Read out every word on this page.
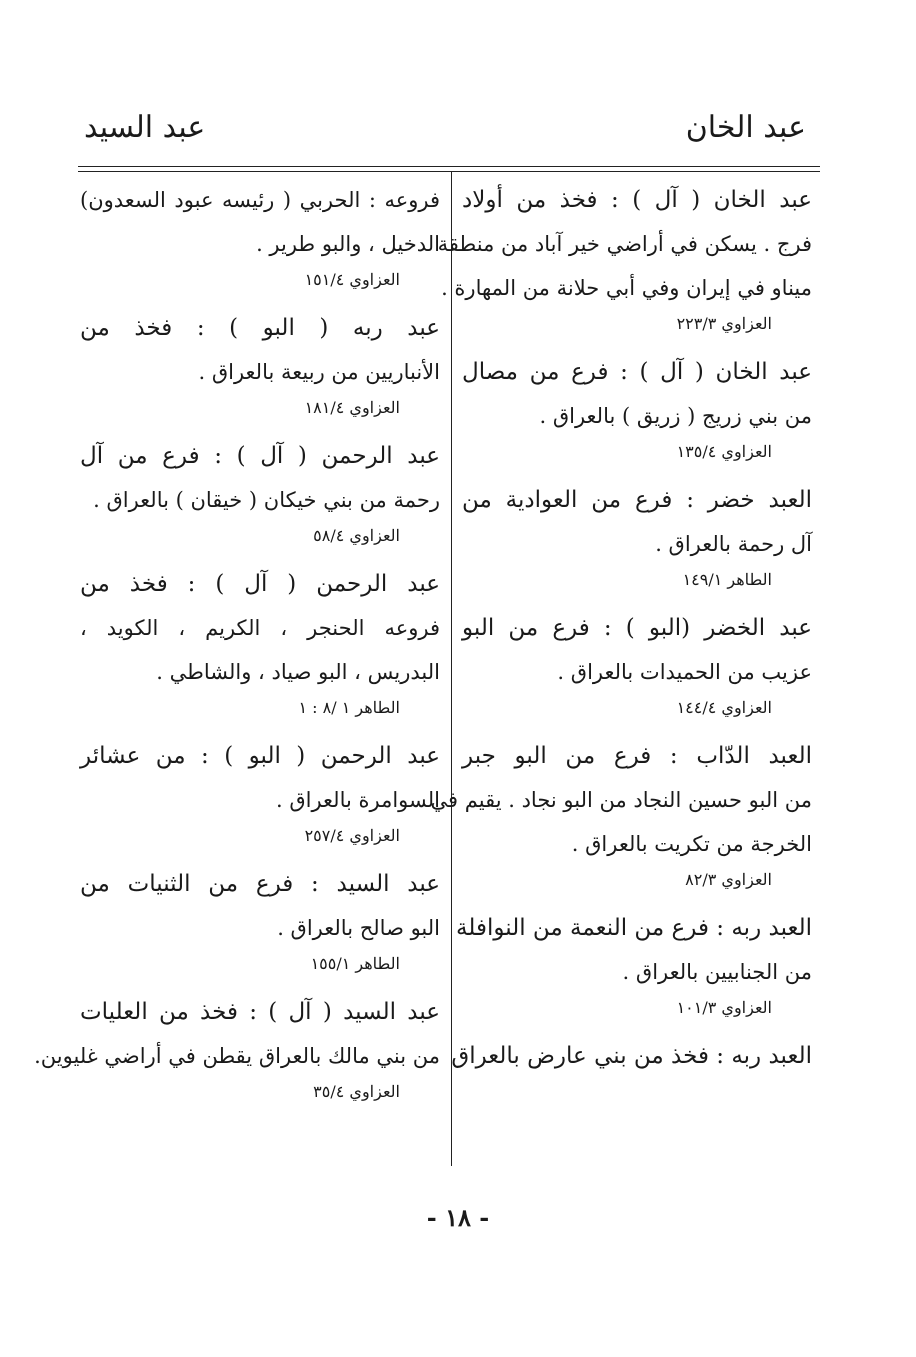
عبد الخان
عبد السيد
عبد الخان ( آل ) : فخذ من أولاد
فرج . يسكن في أراضي خير آباد من منطقة
ميناو في إيران وفي أبي حلانة من المهارة .
العزاوي ٢٢٣/٣
عبد الخان ( آل ) : فرع من مصال
من بني زريج ( زريق ) بالعراق .
العزاوي ١٣٥/٤
العبد خضر : فرع من العوادية من
آل رحمة بالعراق .
الطاهر ١٤٩/١
عبد الخضر (البو ) : فرع من البو
عزيب من الحميدات بالعراق .
العزاوي ١٤٤/٤
العبد الدّاب : فرع من البو جبر
من البو حسين النجاد من البو نجاد . يقيم في
الخرجة من تكريت بالعراق .
العزاوي ٨٢/٣
العبد ربه : فرع من النعمة من النوافلة
من الجنابيين بالعراق .
العزاوي ١٠١/٣
العبد ربه : فخذ من بني عارض بالعراق
فروعه : الحربي ( رئيسه عبود السعدون)
الدخيل ، والبو طرير .
العزاوي ١٥١/٤
عبد ربه ( البو ) : فخذ من
الأنباريين من ربيعة بالعراق .
العزاوي ١٨١/٤
عبد الرحمن ( آل ) : فرع من آل
رحمة من بني خيكان ( خيقان ) بالعراق .
العزاوي ٥٨/٤
عبد الرحمن ( آل ) : فخذ من
فروعه الحنجر ، الكريم ، الكويد ،
البدريس ، البو صياد ، والشاطي .
الطاهر ١ /٨ : ١
عبد الرحمن ( البو ) : من عشائر
السوامرة بالعراق .
العزاوي ٢٥٧/٤
عبد السيد : فرع من الثنيات من
البو صالح بالعراق .
الطاهر ١٥٥/١
عبد السيد ( آل ) : فخذ من العليات
من بني مالك بالعراق يقطن في أراضي غليوين.
العزاوي ٣٥/٤
- ١٨ -
